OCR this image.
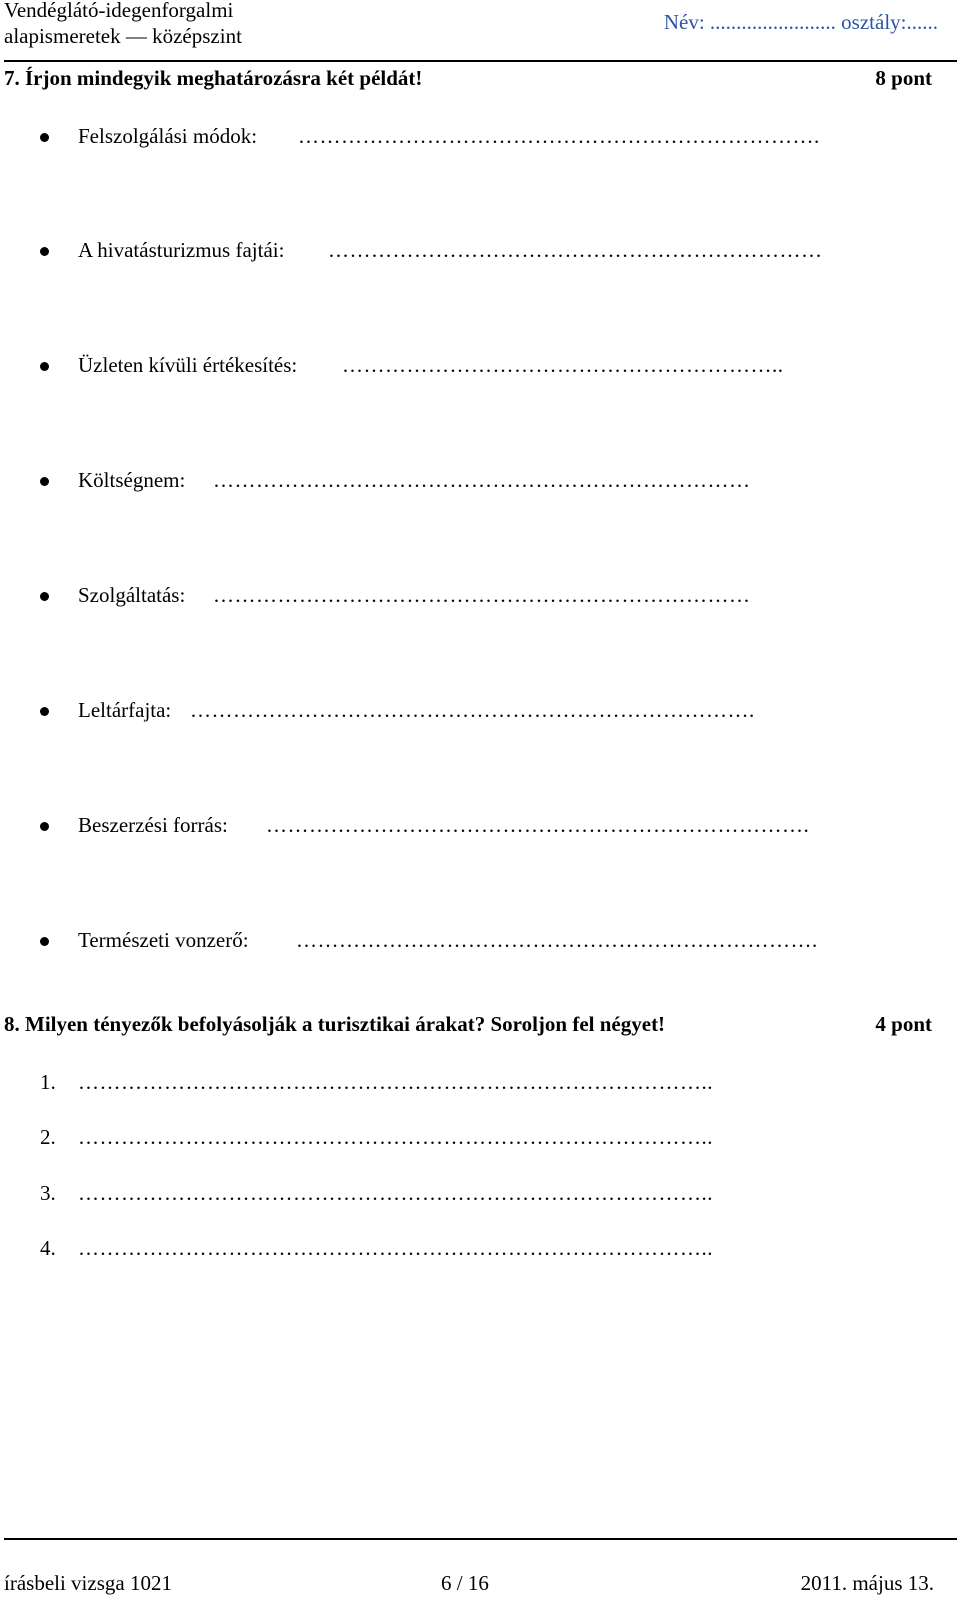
Vendéglátó-idegenforgalmi
alapismeretek — középszint
Név: ........................ osztály:......
7. Írjon mindegyik meghatározásra két példát!	8 pont
Felszolgálási módok: ……………………………………………………………….
A hivatásturizmus fajtái: ……………………………………………………………
Üzleten kívüli értékesítés: ……………………………………………………..
Költségnem: …………………………………………………………………
Szolgáltatás: …………………………………………………………………
Leltárfajta: …………………………………………………………………….
Beszerzési forrás: ………………………………………………………………….
Természeti vonzerő: ……………………………………………………………….
8. Milyen tényezők befolyásolják a turisztikai árakat? Soroljon fel négyet!	4 pont
1. ……………………………………………………………………………..
2. ……………………………………………………………………………..
3. ……………………………………………………………………………..
4. ……………………………………………………………………………..
írásbeli vizsga 1021	6 / 16	2011. május 13.
